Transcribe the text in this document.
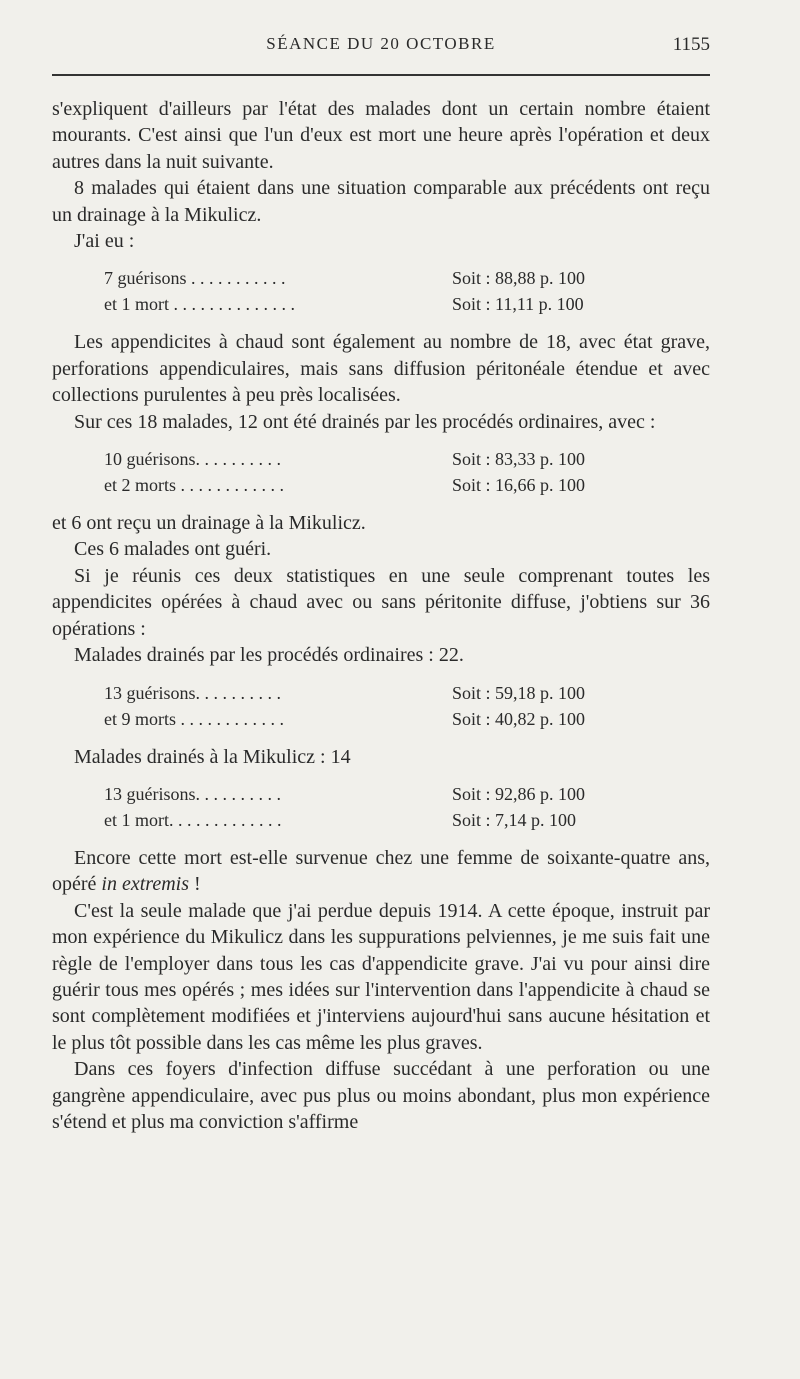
SÉANCE DU 20 OCTOBRE	1155

s'expliquent d'ailleurs par l'état des malades dont un certain nombre étaient mourants. C'est ainsi que l'un d'eux est mort une heure après l'opération et deux autres dans la nuit suivante.

8 malades qui étaient dans une situation comparable aux précédents ont reçu un drainage à la Mikulicz.

J'ai eu :

7 guérisons . . . . . . . . . . .	Soit : 88,88 p. 100
et 1 mort . . . . . . . . . . . . . .	Soit : 11,11 p. 100

Les appendicites à chaud sont également au nombre de 18, avec état grave, perforations appendiculaires, mais sans diffusion péritonéale étendue et avec collections purulentes à peu près localisées.

Sur ces 18 malades, 12 ont été drainés par les procédés ordinaires, avec :

10 guérisons. . . . . . . . . .	Soit : 83,33 p. 100
et 2 morts . . . . . . . . . . . .	Soit : 16,66 p. 100

et 6 ont reçu un drainage à la Mikulicz.

Ces 6 malades ont guéri.

Si je réunis ces deux statistiques en une seule comprenant toutes les appendicites opérées à chaud avec ou sans péritonite diffuse, j'obtiens sur 36 opérations :

Malades drainés par les procédés ordinaires : 22.

13 guérisons. . . . . . . . . .	Soit : 59,18 p. 100
et 9 morts . . . . . . . . . . . .	Soit : 40,82 p. 100

Malades drainés à la Mikulicz : 14

13 guérisons. . . . . . . . . .	Soit : 92,86 p. 100
et 1 mort. . . . . . . . . . . . .	Soit : 7,14 p. 100

Encore cette mort est-elle survenue chez une femme de soixante-quatre ans, opéré in extremis !

C'est la seule malade que j'ai perdue depuis 1914. A cette époque, instruit par mon expérience du Mikulicz dans les suppurations pelviennes, je me suis fait une règle de l'employer dans tous les cas d'appendicite grave. J'ai vu pour ainsi dire guérir tous mes opérés ; mes idées sur l'intervention dans l'appendicite à chaud se sont complètement modifiées et j'interviens aujourd'hui sans aucune hésitation et le plus tôt possible dans les cas même les plus graves.

Dans ces foyers d'infection diffuse succédant à une perforation ou une gangrène appendiculaire, avec pus plus ou moins abondant, plus mon expérience s'étend et plus ma conviction s'affirme
